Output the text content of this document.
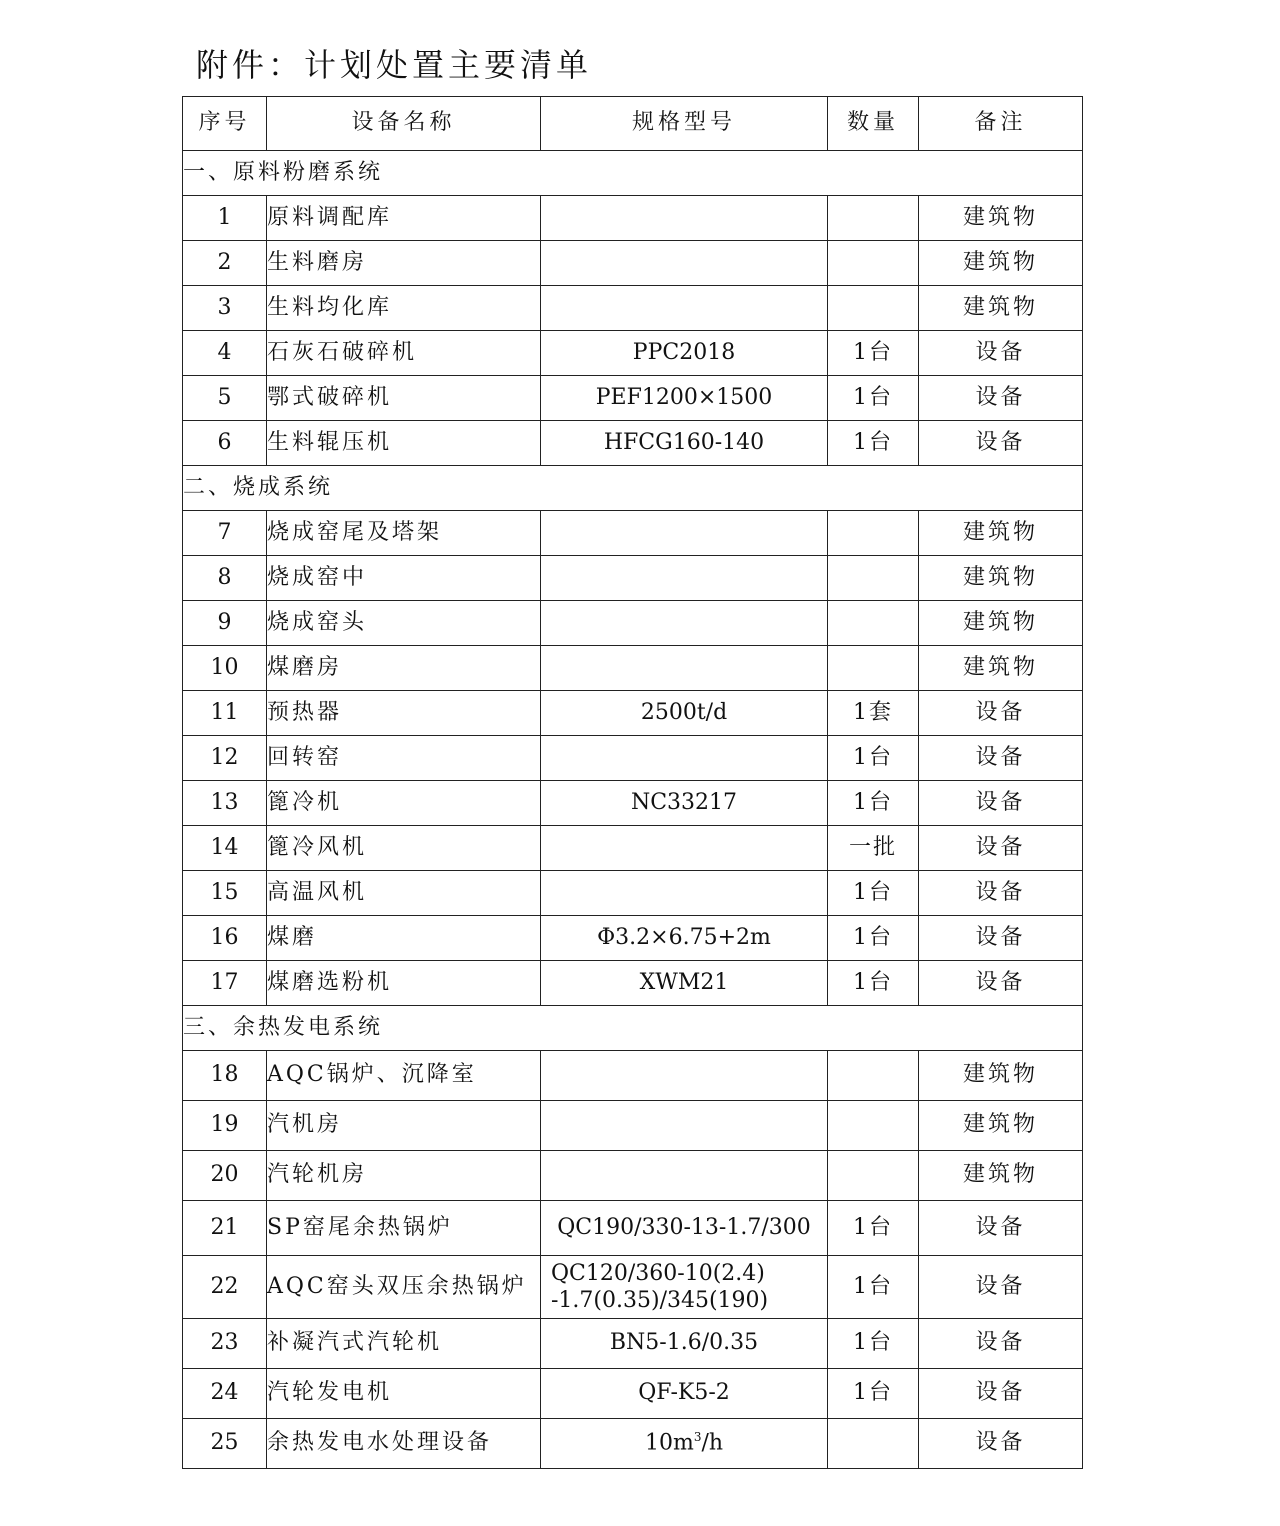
附件：计划处置主要清单
序号	设备名称	规格型号	数量	备注
一、原料粉磨系统				
1	原料调配库			建筑物
2	生料磨房			建筑物
3	生料均化库			建筑物
4	石灰石破碎机	PPC2018	1台	设备
5	鄂式破碎机	PEF1200×1500	1台	设备
6	生料辊压机	HFCG160-140	1台	设备
二、烧成系统				
7	烧成窑尾及塔架			建筑物
8	烧成窑中			建筑物
9	烧成窑头			建筑物
10	煤磨房			建筑物
11	预热器	2500t/d	1套	设备
12	回转窑		1台	设备
13	篦冷机	NC33217	1台	设备
14	篦冷风机		一批	设备
15	高温风机		1台	设备
16	煤磨	Φ3.2×6.75+2m	1台	设备
17	煤磨选粉机	XWM21	1台	设备
三、余热发电系统				
18	AQC锅炉、沉降室			建筑物
19	汽机房			建筑物
20	汽轮机房			建筑物
21	SP窑尾余热锅炉	QC190/330-13-1.7/300	1台	设备
22	AQC窑头双压余热锅炉	QC120/360-10(2.4)
-1.7(0.35)/345(190)	1台	设备
23	补凝汽式汽轮机	BN5-1.6/0.35	1台	设备
24	汽轮发电机	QF-K5-2	1台	设备
25	余热发电水处理设备	$10m^3/h$		设备
